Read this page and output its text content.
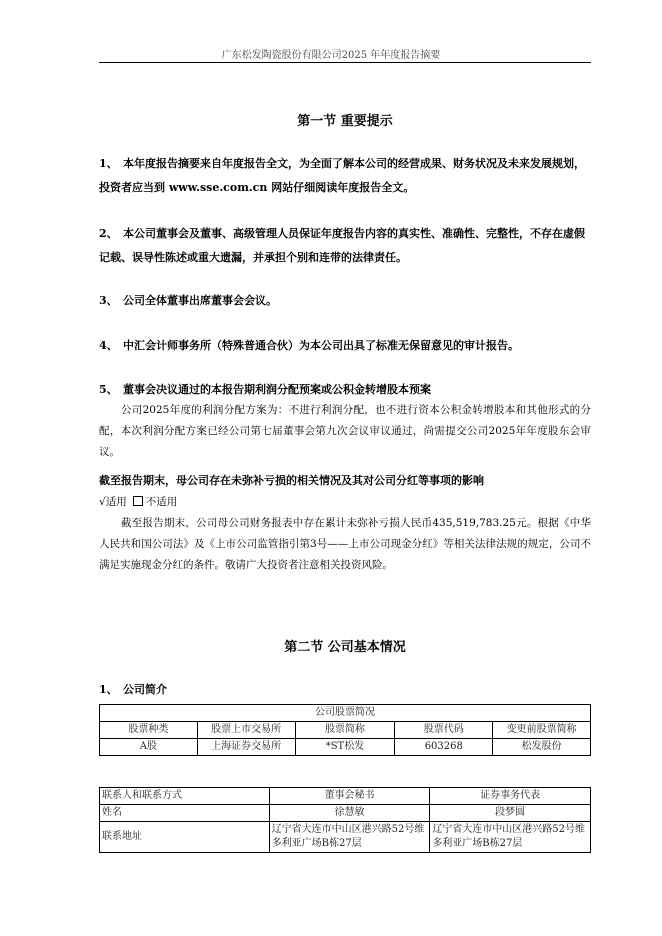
广东松发陶瓷股份有限公司2025 年年度报告摘要
第一节 重要提示
1、 本年度报告摘要来自年度报告全文，为全面了解本公司的经营成果、财务状况及未来发展规划，投资者应当到 www.sse.com.cn 网站仔细阅读年度报告全文。
2、 本公司董事会及董事、高级管理人员保证年度报告内容的真实性、准确性、完整性，不存在虚假记载、误导性陈述或重大遗漏，并承担个别和连带的法律责任。
3、 公司全体董事出席董事会会议。
4、 中汇会计师事务所（特殊普通合伙）为本公司出具了标准无保留意见的审计报告。
5、 董事会决议通过的本报告期利润分配预案或公积金转增股本预案
公司2025年度的利润分配方案为：不进行利润分配，也不进行资本公积金转增股本和其他形式的分配，本次利润分配方案已经公司第七届董事会第九次会议审议通过，尚需提交公司2025年年度股东会审议。
截至报告期末，母公司存在未弥补亏损的相关情况及其对公司分红等事项的影响
√适用 不适用
截至报告期末，公司母公司财务报表中存在累计未弥补亏损人民币435,519,783.25元。根据《中华人民共和国公司法》及《上市公司监管指引第3号——上市公司现金分红》等相关法律法规的规定，公司不满足实施现金分红的条件。敬请广大投资者注意相关投资风险。
第二节 公司基本情况
1、 公司简介
公司股票简况				
股票种类	股票上市交易所	股票简称	股票代码	变更前股票简称
A股	上海证券交易所	*ST松发	603268	松发股份
联系人和联系方式	董事会秘书	证券事务代表
姓名	徐慧敏	段梦圆
联系地址	辽宁省大连市中山区港兴路52号维多利亚广场B栋27层	辽宁省大连市中山区港兴路52号维多利亚广场B栋27层
